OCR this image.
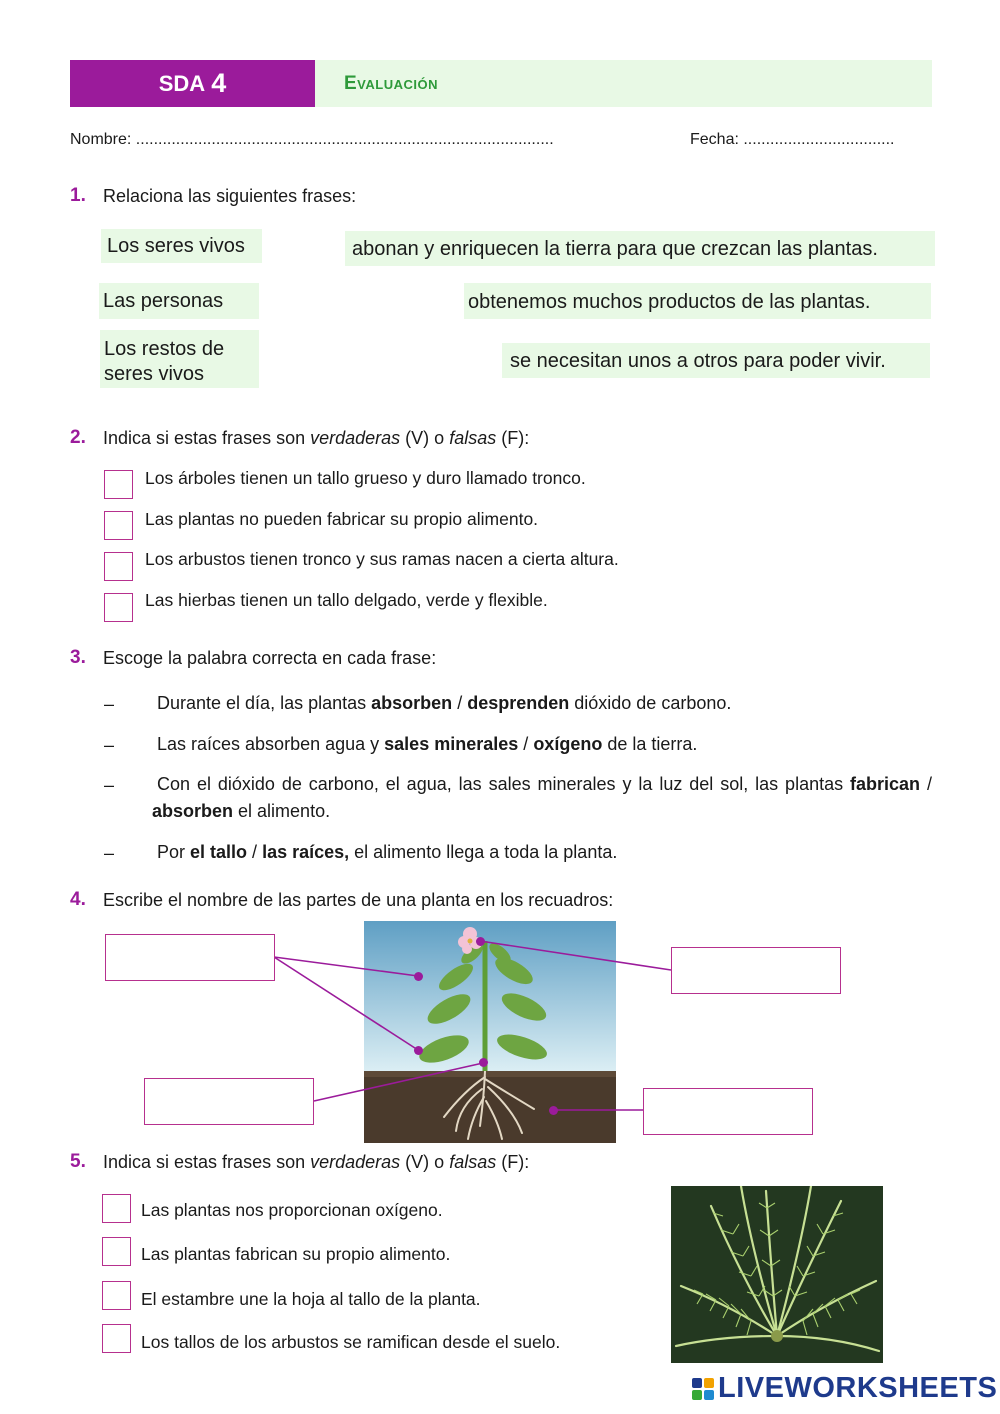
SDA 4	Evaluación
Nombre: ..............................................................................................	Fecha: ..................................
1. Relaciona las siguientes frases:
Los seres vivos
Las personas
Los restos de
seres vivos
abonan y enriquecen la tierra para que crezcan las plantas.
obtenemos muchos productos de las plantas.
se necesitan unos a otros para poder vivir.
2. Indica si estas frases son verdaderas (V) o falsas (F):
Los árboles tienen un tallo grueso y duro llamado tronco.
Las plantas no pueden fabricar su propio alimento.
Los arbustos tienen tronco y sus ramas nacen a cierta altura.
Las hierbas tienen un tallo delgado, verde y flexible.
3. Escoge la palabra correcta en cada frase:
– Durante el día, las plantas absorben / desprenden dióxido de carbono.
– Las raíces absorben agua y sales minerales / oxígeno de la tierra.
– Con el dióxido de carbono, el agua, las sales minerales y la luz del sol, las plantas fabrican / absorben el alimento.
– Por el tallo / las raíces, el alimento llega a toda la planta.
4. Escribe el nombre de las partes de una planta en los recuadros:
5. Indica si estas frases son verdaderas (V) o falsas (F):
Las plantas nos proporcionan oxígeno.
Las plantas fabrican su propio alimento.
El estambre une la hoja al tallo de la planta.
Los tallos de los arbustos se ramifican desde el suelo.
LIVEWORKSHEETS
